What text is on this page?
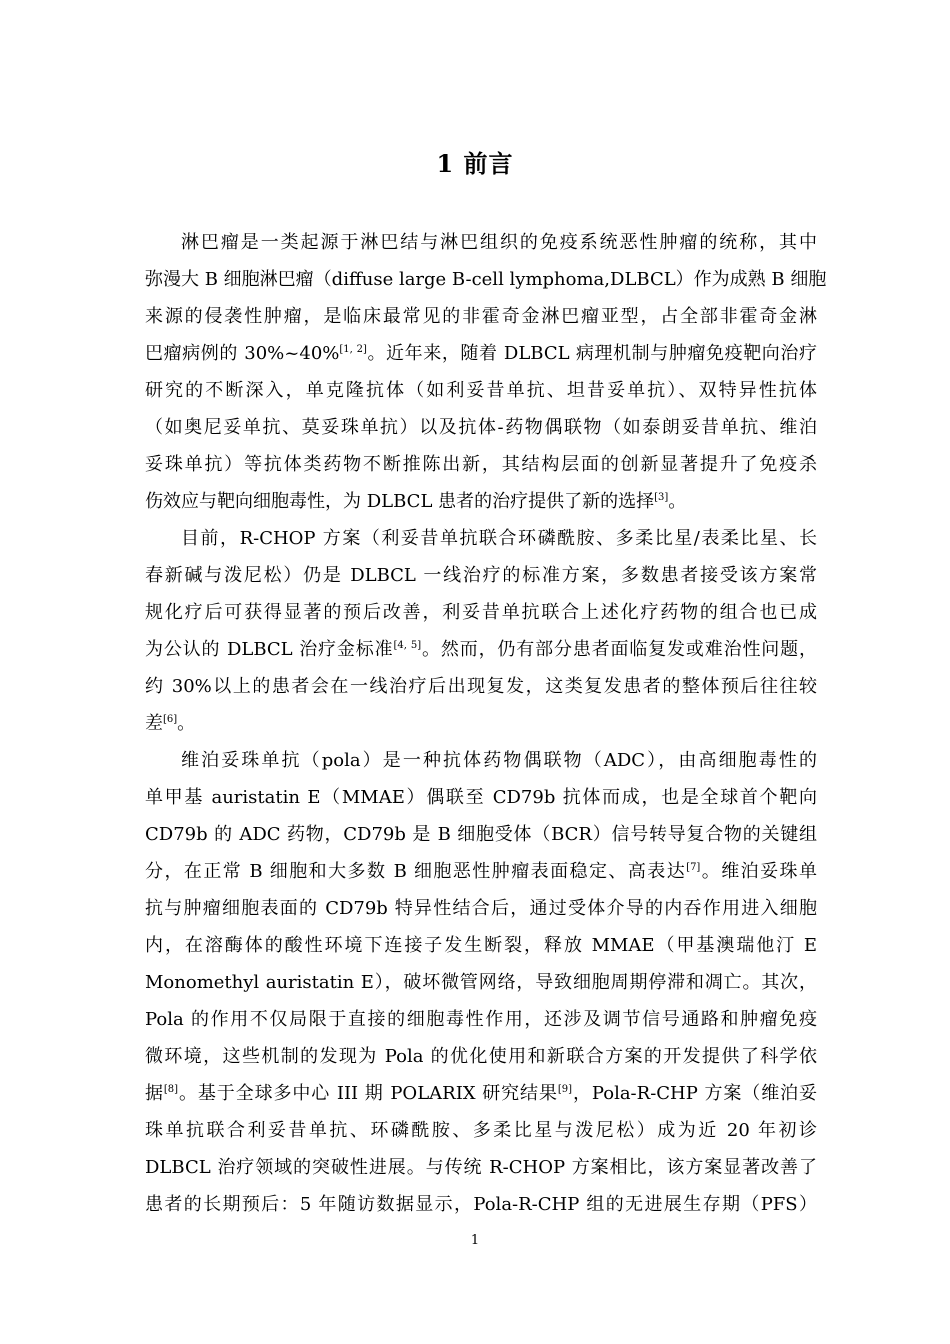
1 前言
淋巴瘤是一类起源于淋巴结与淋巴组织的免疫系统恶性肿瘤的统称，其中
弥漫大 B 细胞淋巴瘤（diffuse large B-cell lymphoma,DLBCL）作为成熟 B 细胞
来源的侵袭性肿瘤，是临床最常见的非霍奇金淋巴瘤亚型，占全部非霍奇金淋
巴瘤病例的 30%~40%[1, 2]。近年来，随着 DLBCL 病理机制与肿瘤免疫靶向治疗
研究的不断深入，单克隆抗体（如利妥昔单抗、坦昔妥单抗）、双特异性抗体
（如奥尼妥单抗、莫妥珠单抗）以及抗体-药物偶联物（如泰朗妥昔单抗、维泊
妥珠单抗）等抗体类药物不断推陈出新，其结构层面的创新显著提升了免疫杀
伤效应与靶向细胞毒性，为 DLBCL 患者的治疗提供了新的选择[3]。
目前，R-CHOP 方案（利妥昔单抗联合环磷酰胺、多柔比星/表柔比星、长
春新碱与泼尼松）仍是 DLBCL 一线治疗的标准方案，多数患者接受该方案常
规化疗后可获得显著的预后改善，利妥昔单抗联合上述化疗药物的组合也已成
为公认的 DLBCL 治疗金标准[4, 5]。然而，仍有部分患者面临复发或难治性问题，
约 30%以上的患者会在一线治疗后出现复发，这类复发患者的整体预后往往较
差[6]。
维泊妥珠单抗（pola）是一种抗体药物偶联物（ADC），由高细胞毒性的
单甲基 auristatin E（MMAE）偶联至 CD79b 抗体而成，也是全球首个靶向
CD79b 的 ADC 药物，CD79b 是 B 细胞受体（BCR）信号转导复合物的关键组
分，在正常 B 细胞和大多数 B 细胞恶性肿瘤表面稳定、高表达[7]。维泊妥珠单
抗与肿瘤细胞表面的 CD79b 特异性结合后，通过受体介导的内吞作用进入细胞
内，在溶酶体的酸性环境下连接子发生断裂，释放 MMAE（甲基澳瑞他汀 E
Monomethyl auristatin E），破坏微管网络，导致细胞周期停滞和凋亡。其次，
Pola 的作用不仅局限于直接的细胞毒性作用，还涉及调节信号通路和肿瘤免疫
微环境，这些机制的发现为 Pola 的优化使用和新联合方案的开发提供了科学依
据[8]。基于全球多中心 III 期 POLARIX 研究结果[9]，Pola-R-CHP 方案（维泊妥
珠单抗联合利妥昔单抗、环磷酰胺、多柔比星与泼尼松）成为近 20 年初诊
DLBCL 治疗领域的突破性进展。与传统 R-CHOP 方案相比，该方案显著改善了
患者的长期预后：5 年随访数据显示，Pola-R-CHP 组的无进展生存期（PFS）
1
